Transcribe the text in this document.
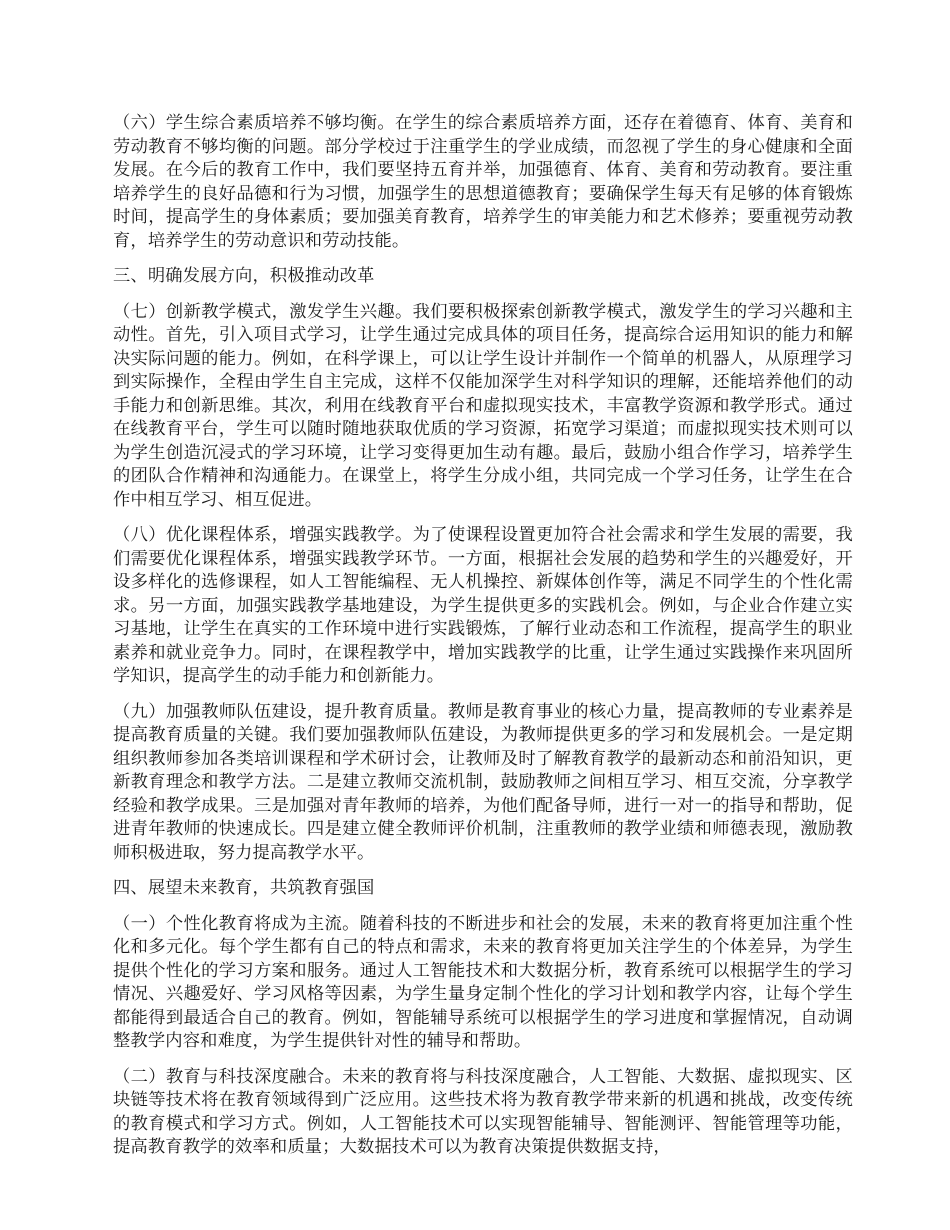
（六）学生综合素质培养不够均衡。在学生的综合素质培养方面，还存在着德育、体育、美育和劳动教育不够均衡的问题。部分学校过于注重学生的学业成绩，而忽视了学生的身心健康和全面发展。在今后的教育工作中，我们要坚持五育并举，加强德育、体育、美育和劳动教育。要注重培养学生的良好品德和行为习惯，加强学生的思想道德教育；要确保学生每天有足够的体育锻炼时间，提高学生的身体素质；要加强美育教育，培养学生的审美能力和艺术修养；要重视劳动教育，培养学生的劳动意识和劳动技能。

三、明确发展方向，积极推动改革

（七）创新教学模式，激发学生兴趣。我们要积极探索创新教学模式，激发学生的学习兴趣和主动性。首先，引入项目式学习，让学生通过完成具体的项目任务，提高综合运用知识的能力和解决实际问题的能力。例如，在科学课上，可以让学生设计并制作一个简单的机器人，从原理学习到实际操作，全程由学生自主完成，这样不仅能加深学生对科学知识的理解，还能培养他们的动手能力和创新思维。其次，利用在线教育平台和虚拟现实技术，丰富教学资源和教学形式。通过在线教育平台，学生可以随时随地获取优质的学习资源，拓宽学习渠道；而虚拟现实技术则可以为学生创造沉浸式的学习环境，让学习变得更加生动有趣。最后，鼓励小组合作学习，培养学生的团队合作精神和沟通能力。在课堂上，将学生分成小组，共同完成一个学习任务，让学生在合作中相互学习、相互促进。

（八）优化课程体系，增强实践教学。为了使课程设置更加符合社会需求和学生发展的需要，我们需要优化课程体系，增强实践教学环节。一方面，根据社会发展的趋势和学生的兴趣爱好，开设多样化的选修课程，如人工智能编程、无人机操控、新媒体创作等，满足不同学生的个性化需求。另一方面，加强实践教学基地建设，为学生提供更多的实践机会。例如，与企业合作建立实习基地，让学生在真实的工作环境中进行实践锻炼，了解行业动态和工作流程，提高学生的职业素养和就业竞争力。同时，在课程教学中，增加实践教学的比重，让学生通过实践操作来巩固所学知识，提高学生的动手能力和创新能力。

（九）加强教师队伍建设，提升教育质量。教师是教育事业的核心力量，提高教师的专业素养是提高教育质量的关键。我们要加强教师队伍建设，为教师提供更多的学习和发展机会。一是定期组织教师参加各类培训课程和学术研讨会，让教师及时了解教育教学的最新动态和前沿知识，更新教育理念和教学方法。二是建立教师交流机制，鼓励教师之间相互学习、相互交流，分享教学经验和教学成果。三是加强对青年教师的培养，为他们配备导师，进行一对一的指导和帮助，促进青年教师的快速成长。四是建立健全教师评价机制，注重教师的教学业绩和师德表现，激励教师积极进取，努力提高教学水平。

四、展望未来教育，共筑教育强国

（一）个性化教育将成为主流。随着科技的不断进步和社会的发展，未来的教育将更加注重个性化和多元化。每个学生都有自己的特点和需求，未来的教育将更加关注学生的个体差异，为学生提供个性化的学习方案和服务。通过人工智能技术和大数据分析，教育系统可以根据学生的学习情况、兴趣爱好、学习风格等因素，为学生量身定制个性化的学习计划和教学内容，让每个学生都能得到最适合自己的教育。例如，智能辅导系统可以根据学生的学习进度和掌握情况，自动调整教学内容和难度，为学生提供针对性的辅导和帮助。

（二）教育与科技深度融合。未来的教育将与科技深度融合，人工智能、大数据、虚拟现实、区块链等技术将在教育领域得到广泛应用。这些技术将为教育教学带来新的机遇和挑战，改变传统的教育模式和学习方式。例如，人工智能技术可以实现智能辅导、智能测评、智能管理等功能，提高教育教学的效率和质量；大数据技术可以为教育决策提供数据支持，
